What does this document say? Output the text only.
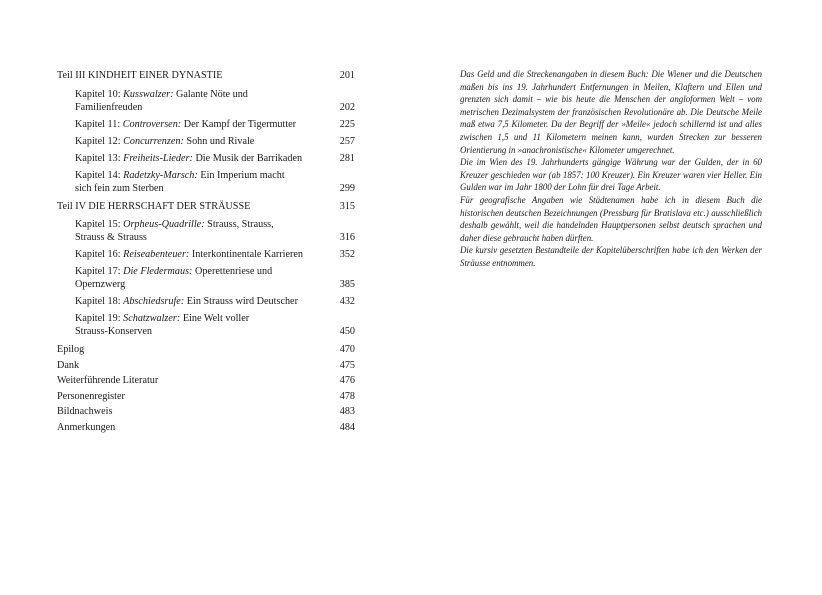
Teil III KINDHEIT EINER DYNASTIE	201
Kapitel 10: Kusswalzer: Galante Nöte und
Familienfreuden	202
Kapitel 11: Controversen: Der Kampf der Tigermutter	225
Kapitel 12: Concurrenzen: Sohn und Rivale	257
Kapitel 13: Freiheits-Lieder: Die Musik der Barrikaden	281
Kapitel 14: Radetzky-Marsch: Ein Imperium macht
sich fein zum Sterben	299
Teil IV DIE HERRSCHAFT DER STRÄUSSE	315
Kapitel 15: Orpheus-Quadrille: Strauss, Strauss,
Strauss & Strauss	316
Kapitel 16: Reiseabenteuer: Interkontinentale Karrieren	352
Kapitel 17: Die Fledermaus: Operettenriese und
Opernzwerg	385
Kapitel 18: Abschiedsrufe: Ein Strauss wird Deutscher	432
Kapitel 19: Schatzwalzer: Eine Welt voller
Strauss-Konserven	450
Epilog	470
Dank	475
Weiterführende Literatur	476
Personenregister	478
Bildnachweis	483
Anmerkungen	484

Das Geld und die Streckenangaben in diesem Buch: Die Wiener und die Deutschen maßen bis ins 19. Jahrhundert Entfernungen in Meilen, Klaftern und Ellen und grenzten sich damit – wie bis heute die Menschen der angloformen Welt – vom metrischen Dezimalsystem der französischen Revolutionäre ab. Die Deutsche Meile maß etwa 7,5 Kilometer. Da der Begriff der »Meile« jedoch schillernd ist und alles zwischen 1,5 und 11 Kilometern meinen kann, wurden Strecken zur besseren Orientierung in »anachronistische« Kilometer umgerechnet.

Die im Wien des 19. Jahrhunderts gängige Währung war der Gulden, der in 60 Kreuzer geschieden war (ab 1857: 100 Kreuzer). Ein Kreuzer waren vier Heller. Ein Gulden war im Jahr 1800 der Lohn für drei Tage Arbeit.

Für geografische Angaben wie Städtenamen habe ich in diesem Buch die historischen deutschen Bezeichnungen (Pressburg für Bratislava etc.) ausschließlich deshalb gewählt, weil die handelnden Hauptpersonen selbst deutsch sprachen und daher diese gebraucht haben dürften.

Die kursiv gesetzten Bestandteile der Kapitelüberschriften habe ich den Werken der Sträusse entnommen.
